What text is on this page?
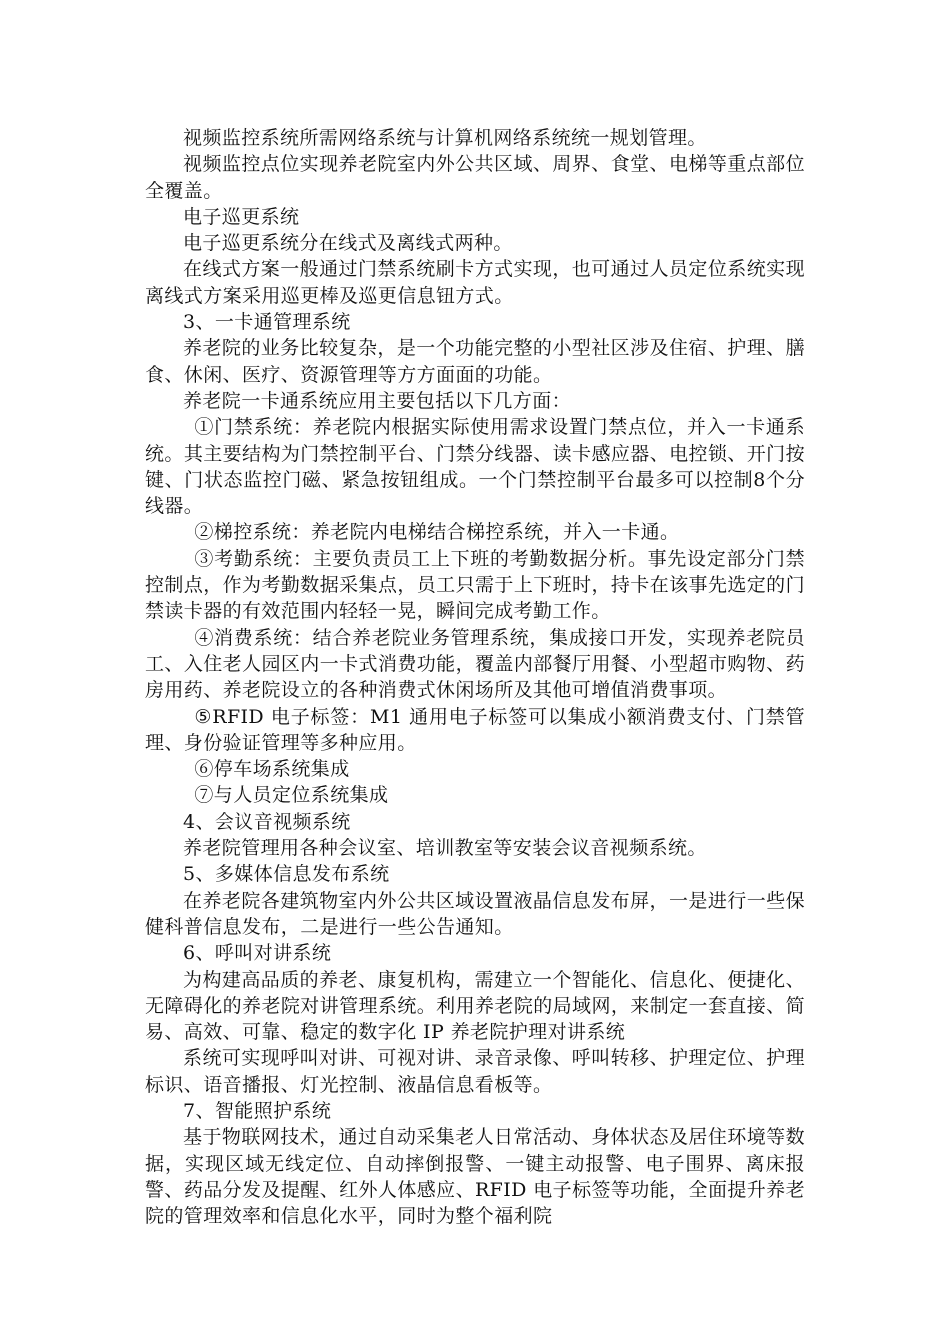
视频监控系统所需网络系统与计算机网络系统统一规划管理。

视频监控点位实现养老院室内外公共区域、周界、食堂、电梯等重点部位全覆盖。

电子巡更系统

电子巡更系统分在线式及离线式两种。

在线式方案一般通过门禁系统刷卡方式实现，也可通过人员定位系统实现离线式方案采用巡更棒及巡更信息钮方式。

3、一卡通管理系统

养老院的业务比较复杂，是一个功能完整的小型社区涉及住宿、护理、膳食、休闲、医疗、资源管理等方方面面的功能。

养老院一卡通系统应用主要包括以下几方面：

①门禁系统：养老院内根据实际使用需求设置门禁点位，并入一卡通系统。其主要结构为门禁控制平台、门禁分线器、读卡感应器、电控锁、开门按键、门状态监控门磁、紧急按钮组成。一个门禁控制平台最多可以控制8个分线器。

②梯控系统：养老院内电梯结合梯控系统，并入一卡通。

③考勤系统：主要负责员工上下班的考勤数据分析。事先设定部分门禁控制点，作为考勤数据采集点，员工只需于上下班时，持卡在该事先选定的门禁读卡器的有效范围内轻轻一晃，瞬间完成考勤工作。

④消费系统：结合养老院业务管理系统，集成接口开发，实现养老院员工、入住老人园区内一卡式消费功能，覆盖内部餐厅用餐、小型超市购物、药房用药、养老院设立的各种消费式休闲场所及其他可增值消费事项。

⑤RFID 电子标签：M1 通用电子标签可以集成小额消费支付、门禁管理、身份验证管理等多种应用。

⑥停车场系统集成

⑦与人员定位系统集成

4、会议音视频系统

养老院管理用各种会议室、培训教室等安装会议音视频系统。

5、多媒体信息发布系统

在养老院各建筑物室内外公共区域设置液晶信息发布屏，一是进行一些保健科普信息发布，二是进行一些公告通知。

6、呼叫对讲系统

为构建高品质的养老、康复机构，需建立一个智能化、信息化、便捷化、无障碍化的养老院对讲管理系统。利用养老院的局域网，来制定一套直接、简易、高效、可靠、稳定的数字化 IP 养老院护理对讲系统

系统可实现呼叫对讲、可视对讲、录音录像、呼叫转移、护理定位、护理标识、语音播报、灯光控制、液晶信息看板等。

7、智能照护系统

基于物联网技术，通过自动采集老人日常活动、身体状态及居住环境等数据，实现区域无线定位、自动摔倒报警、一键主动报警、电子围界、离床报警、药品分发及提醒、红外人体感应、RFID 电子标签等功能，全面提升养老院的管理效率和信息化水平，同时为整个福利院
